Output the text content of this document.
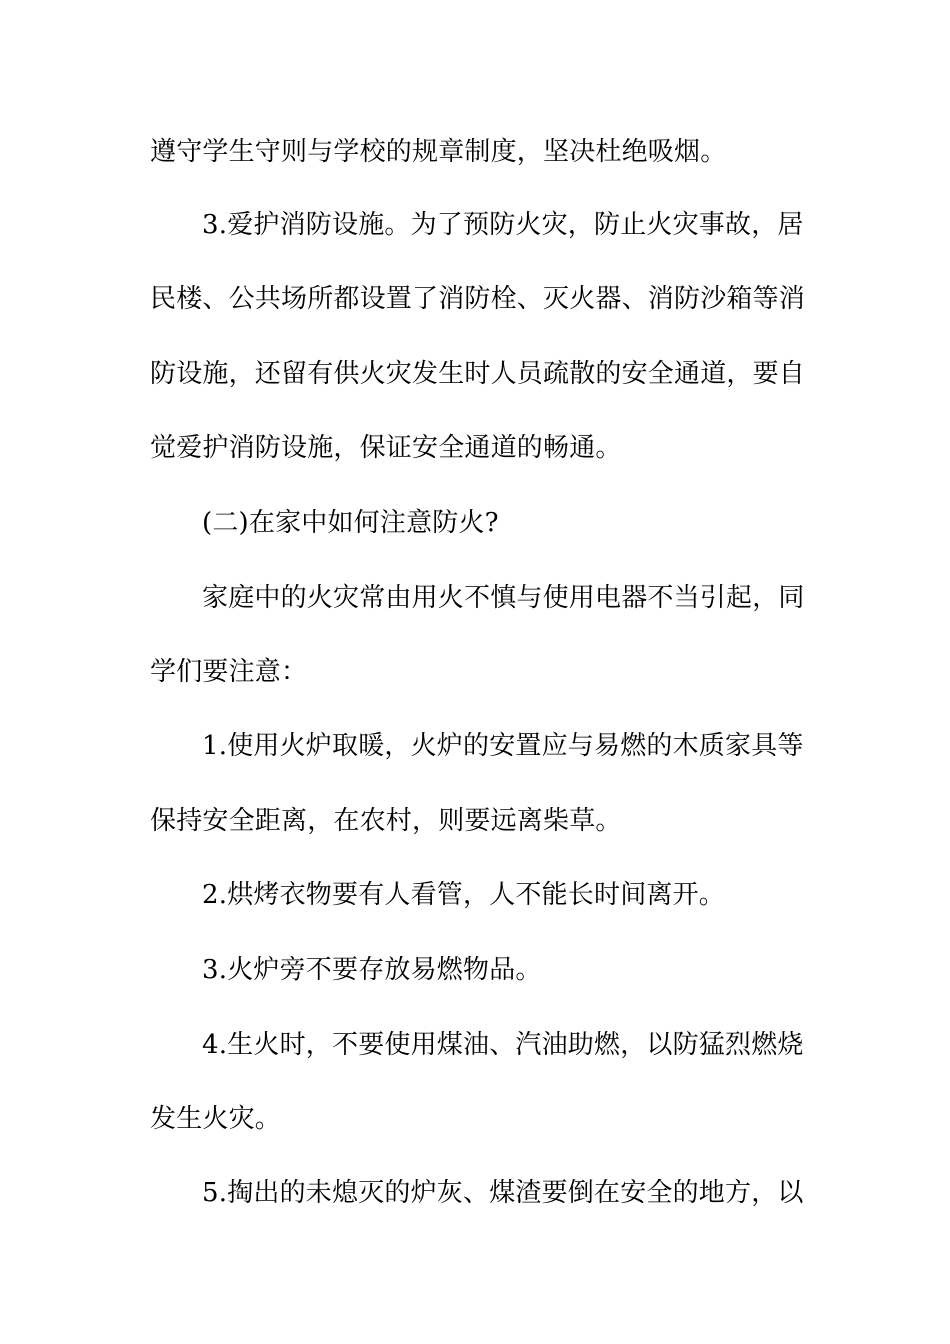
遵守学生守则与学校的规章制度，坚决杜绝吸烟。
3.爱护消防设施。为了预防火灾，防止火灾事故，居
民楼、公共场所都设置了消防栓、灭火器、消防沙箱等消
防设施，还留有供火灾发生时人员疏散的安全通道，要自
觉爱护消防设施，保证安全通道的畅通。
(二)在家中如何注意防火?
家庭中的火灾常由用火不慎与使用电器不当引起，同
学们要注意：
1.使用火炉取暖，火炉的安置应与易燃的木质家具等
保持安全距离，在农村，则要远离柴草。
2.烘烤衣物要有人看管，人不能长时间离开。
3.火炉旁不要存放易燃物品。
4.生火时，不要使用煤油、汽油助燃，以防猛烈燃烧
发生火灾。
5.掏出的未熄灭的炉灰、煤渣要倒在安全的地方，以
